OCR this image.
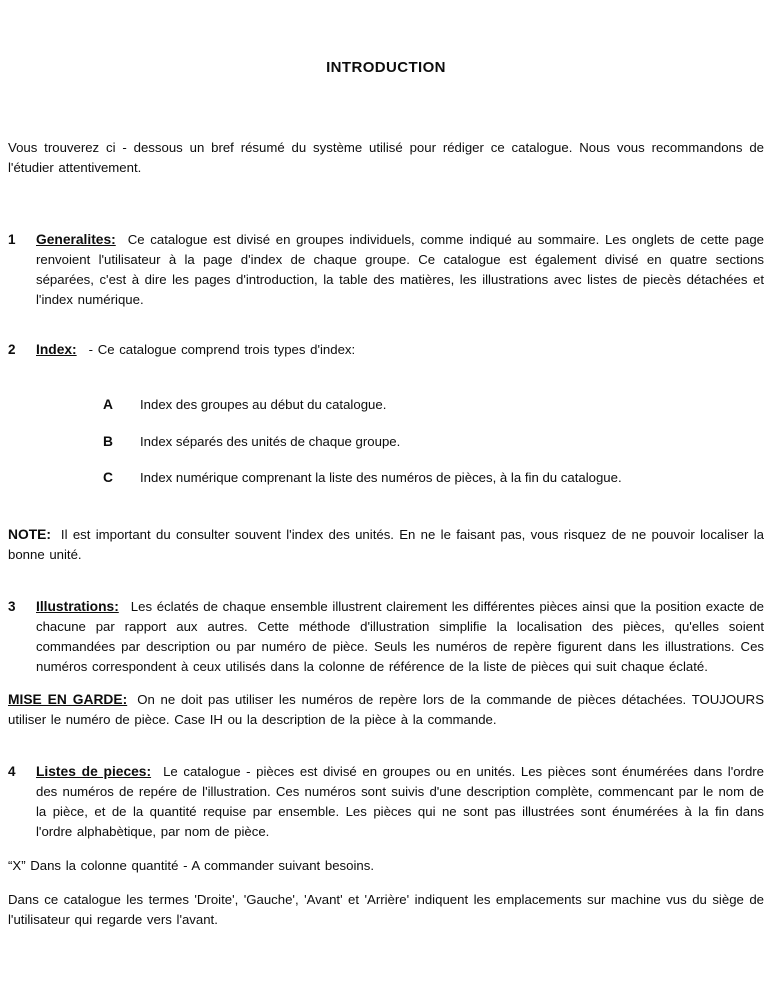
INTRODUCTION

Vous trouverez ci - dessous un bref résumé du système utilisé pour rédiger ce catalogue. Nous vous recommandons de l'étudier attentivement.

1	Generalites: Ce catalogue est divisé en groupes individuels, comme indiqué au sommaire. Les onglets de cette page renvoient l'utilisateur à la page d'index de chaque groupe. Ce catalogue est également divisé en quatre sections séparées, c'est à dire les pages d'introduction, la table des matières, les illustrations avec listes de piecès détachées et l'index numérique.
2	Index: - Ce catalogue comprend trois types d'index:
A	Index des groupes au début du catalogue.
B	Index séparés des unités de chaque groupe.
C	Index numérique comprenant la liste des numéros de pièces, à la fin du catalogue.

NOTE: Il est important du consulter souvent l'index des unités. En ne le faisant pas, vous risquez de ne pouvoir localiser la bonne unité.

3	Illustrations: Les éclatés de chaque ensemble illustrent clairement les différentes pièces ainsi que la position exacte de chacune par rapport aux autres. Cette méthode d'illustration simplifie la localisation des pièces, qu'elles soient commandées par description ou par numéro de pièce. Seuls les numéros de repère figurent dans les illustrations. Ces numéros correspondent à ceux utilisés dans la colonne de référence de la liste de pièces qui suit chaque éclaté.

MISE EN GARDE: On ne doit pas utiliser les numéros de repère lors de la commande de pièces détachées. TOUJOURS utiliser le numéro de pièce. Case IH ou la description de la pièce à la commande.

4	Listes de pieces: Le catalogue - pièces est divisé en groupes ou en unités. Les pièces sont énumérées dans l'ordre des numéros de repére de l'illustration. Ces numéros sont suivis d'une description complète, commencant par le nom de la pièce, et de la quantité requise par ensemble. Les pièces qui ne sont pas illustrées sont énumérées à la fin dans l'ordre alphabètique, par nom de pièce.

“X” Dans la colonne quantité - A commander suivant besoins.

Dans ce catalogue les termes 'Droite', 'Gauche', 'Avant' et 'Arrière' indiquent les emplacements sur machine vus du siège de l'utilisateur qui regarde vers l'avant.
